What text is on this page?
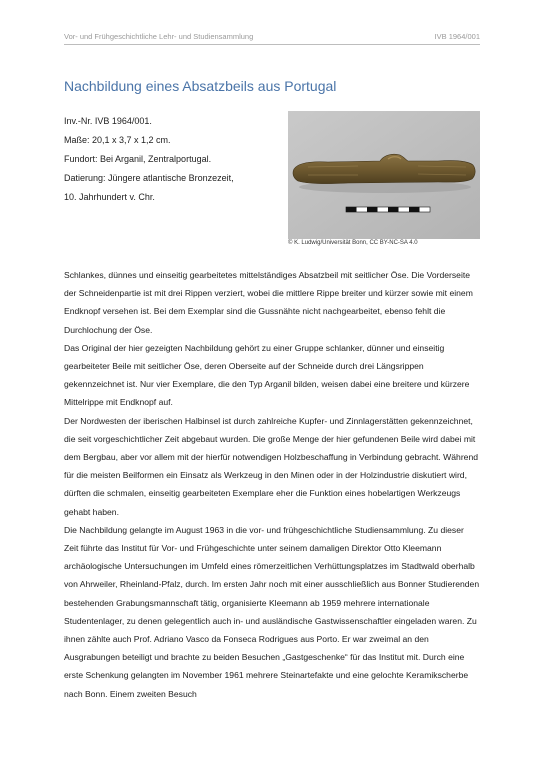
Vor- und Frühgeschichtliche Lehr- und Studiensammlung	IVB 1964/001
Nachbildung eines Absatzbeils aus Portugal
Inv.-Nr. IVB 1964/001.
Maße: 20,1 x 3,7 x 1,2 cm.
Fundort: Bei Arganil, Zentralportugal.
Datierung: Jüngere atlantische Bronzezeit,
10. Jahrhundert v. Chr.
© K. Ludwig/Universität Bonn, CC BY-NC-SA 4.0

Schlankes, dünnes und einseitig gearbeitetes mittelständiges Absatzbeil mit seitlicher Öse. Die Vorderseite der Schneidenpartie ist mit drei Rippen verziert, wobei die mittlere Rippe breiter und kürzer sowie mit einem Endknopf versehen ist. Bei dem Exemplar sind die Gussnähte nicht nachgearbeitet, ebenso fehlt die Durchlochung der Öse.

Das Original der hier gezeigten Nachbildung gehört zu einer Gruppe schlanker, dünner und einseitig gearbeiteter Beile mit seitlicher Öse, deren Oberseite auf der Schneide durch drei Längsrippen gekennzeichnet ist. Nur vier Exemplare, die den Typ Arganil bilden, weisen dabei eine breitere und kürzere Mittelrippe mit Endknopf auf.

Der Nordwesten der iberischen Halbinsel ist durch zahlreiche Kupfer- und Zinnlagerstätten gekennzeichnet, die seit vorgeschichtlicher Zeit abgebaut wurden. Die große Menge der hier gefundenen Beile wird dabei mit dem Bergbau, aber vor allem mit der hierfür notwendigen Holzbeschaffung in Verbindung gebracht. Während für die meisten Beilformen ein Einsatz als Werkzeug in den Minen oder in der Holzindustrie diskutiert wird, dürften die schmalen, einseitig gearbeiteten Exemplare eher die Funktion eines hobelartigen Werkzeugs gehabt haben.

Die Nachbildung gelangte im August 1963 in die vor- und frühgeschichtliche Studiensammlung. Zu dieser Zeit führte das Institut für Vor- und Frühgeschichte unter seinem damaligen Direktor Otto Kleemann archäologische Untersuchungen im Umfeld eines römerzeitlichen Verhüttungsplatzes im Stadtwald oberhalb von Ahrweiler, Rheinland-Pfalz, durch. Im ersten Jahr noch mit einer ausschließlich aus Bonner Studierenden bestehenden Grabungsmannschaft tätig, organisierte Kleemann ab 1959 mehrere internationale Studentenlager, zu denen gelegentlich auch in- und ausländische Gastwissenschaftler eingeladen waren. Zu ihnen zählte auch Prof. Adriano Vasco da Fonseca Rodrigues aus Porto. Er war zweimal an den Ausgrabungen beteiligt und brachte zu beiden Besuchen „Gastgeschenke“ für das Institut mit. Durch eine erste Schenkung gelangten im November 1961 mehrere Steinartefakte und eine gelochte Keramikscherbe nach Bonn. Einem zweiten Besuch
